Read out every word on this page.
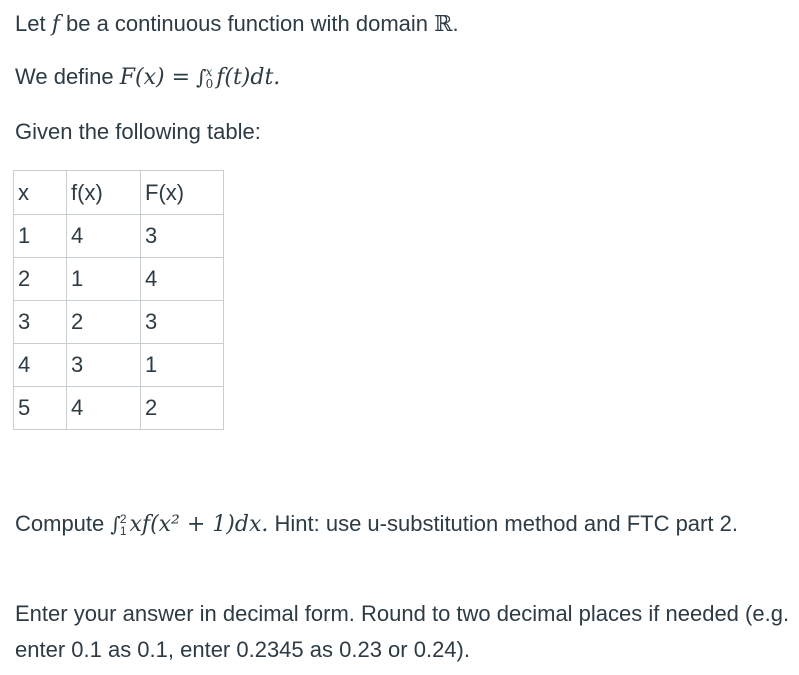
Let f be a continuous function with domain ℝ.
We define F(x) = ∫ x
0 f(t)dt.
Given the following table:
x	f(x)	F(x)
1	4	3
2	1	4
3	2	3
4	3	1
5	4	2
Compute ∫ 2
1 xf(x² + 1)dx. Hint: use u-substitution method and FTC part 2.
Enter your answer in decimal form. Round to two decimal places if needed (e.g. enter 0.1 as 0.1, enter 0.2345 as 0.23 or 0.24).
